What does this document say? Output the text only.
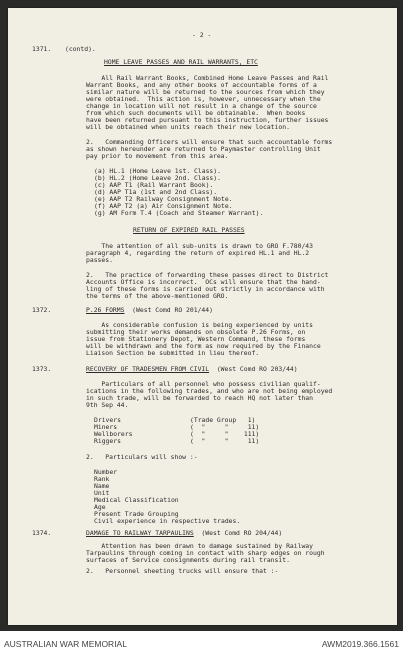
- 2 -
1371. (contd).
HOME LEAVE PASSES AND RAIL WARRANTS, ETC
All Rail Warrant Books, Combined Home Leave Passes and Rail
Warrant Books, and any other books of accountable forms of a
similar nature will be returned to the sources from which they
were obtained.  This action is, however, unnecessary when the
change in location will not result in a change of the source
from which such documents will be obtainable.  When books
have been returned pursuant to this instruction, further issues
will be obtained when units reach their new location.
2.   Commanding Officers will ensure that such accountable forms
as shown hereunder are returned to Paymaster controlling Unit
pay prior to movement from this area.
(a) HL.1 (Home Leave 1st. Class).
(b) HL.2 (Home Leave 2nd. Class).
(c) AAP T1 (Rail Warrant Book).
(d) AAP T1a (1st and 2nd Class).
(e) AAP T2 Railway Consignment Note.
(f) AAP T2 (a) Air Consignment Note.
(g) AM Form T.4 (Coach and Steamer Warrant).
RETURN OF EXPIRED RAIL PASSES
The attention of all sub-units is drawn to GRO F.780/43
paragraph 4, regarding the return of expired HL.1 and HL.2
passes.
2.   The practice of forwarding these passes direct to District
Accounts Office is incorrect.  OCs will ensure that the hand-
ling of these forms is carried out strictly in accordance with
the terms of the above-mentioned GRO.
1372.	P.26 FORMS  (West Comd RO 201/44)
As considerable confusion is being experienced by units
submitting their works demands on obsolete P.26 Forms, on
issue from Stationery Depot, Western Command, these forms
will be withdrawn and the form as now required by the Finance
Liaison Section be submitted in lieu thereof.
1373.	RECOVERY OF TRADESMEN FROM CIVIL  (West Comd RO 203/44)
Particulars of all personnel who possess civilian qualif-
ications in the following trades, and who are not being employed
in such trade, will be forwarded to reach HQ not later than
9th Sep 44.
Drivers	(Trade Group   1)
Miners	(  "     "     11)
Wellborers	(  "     "    111)
Riggers	(  "     "     11)
2.   Particulars will show :-
Number
Rank
Name
Unit
Medical Classification
Age
Present Trade Grouping
Civil experience in respective trades.
1374.	DAMAGE TO RAILWAY TARPAULINS  (West Comd RO 204/44)
Attention has been drawn to damage sustained by Railway
Tarpaulins through coming in contact with sharp edges on rough
surfaces of Service consignments during rail transit.
2.   Personnel sheeting trucks will ensure that :-
AUSTRALIAN WAR MEMORIAL	AWM2019.366.1561
